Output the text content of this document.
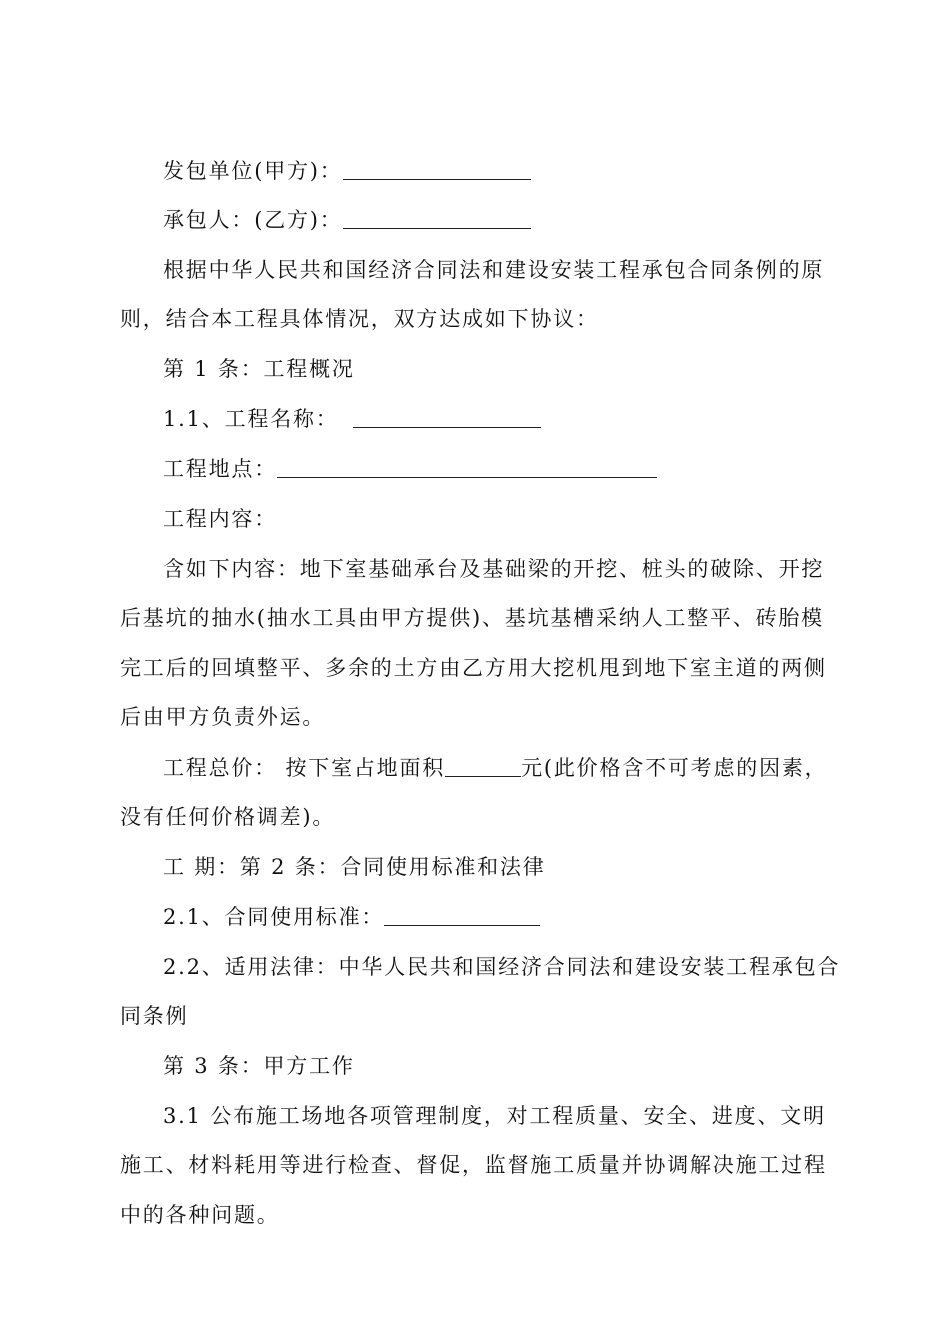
发包单位(甲方)：
承包人：(乙方)：
根据中华人民共和国经济合同法和建设安装工程承包合同条例的原
则，结合本工程具体情况，双方达成如下协议：
第 1 条：工程概况
1.1、工程名称：
工程地点：
工程内容：
含如下内容：地下室基础承台及基础梁的开挖、桩头的破除、开挖
后基坑的抽水(抽水工具由甲方提供)、基坑基槽采纳人工整平、砖胎模
完工后的回填整平、多余的土方由乙方用大挖机甩到地下室主道的两侧
后由甲方负责外运。
工程总价： 按下室占地面积	元(此价格含不可考虑的因素，
没有任何价格调差)。
工 期：第 2 条：合同使用标准和法律
2.1、合同使用标准：
2.2、适用法律：中华人民共和国经济合同法和建设安装工程承包合
同条例
第 3 条：甲方工作
3.1 公布施工场地各项管理制度，对工程质量、安全、进度、文明
施工、材料耗用等进行检查、督促，监督施工质量并协调解决施工过程
中的各种问题。
